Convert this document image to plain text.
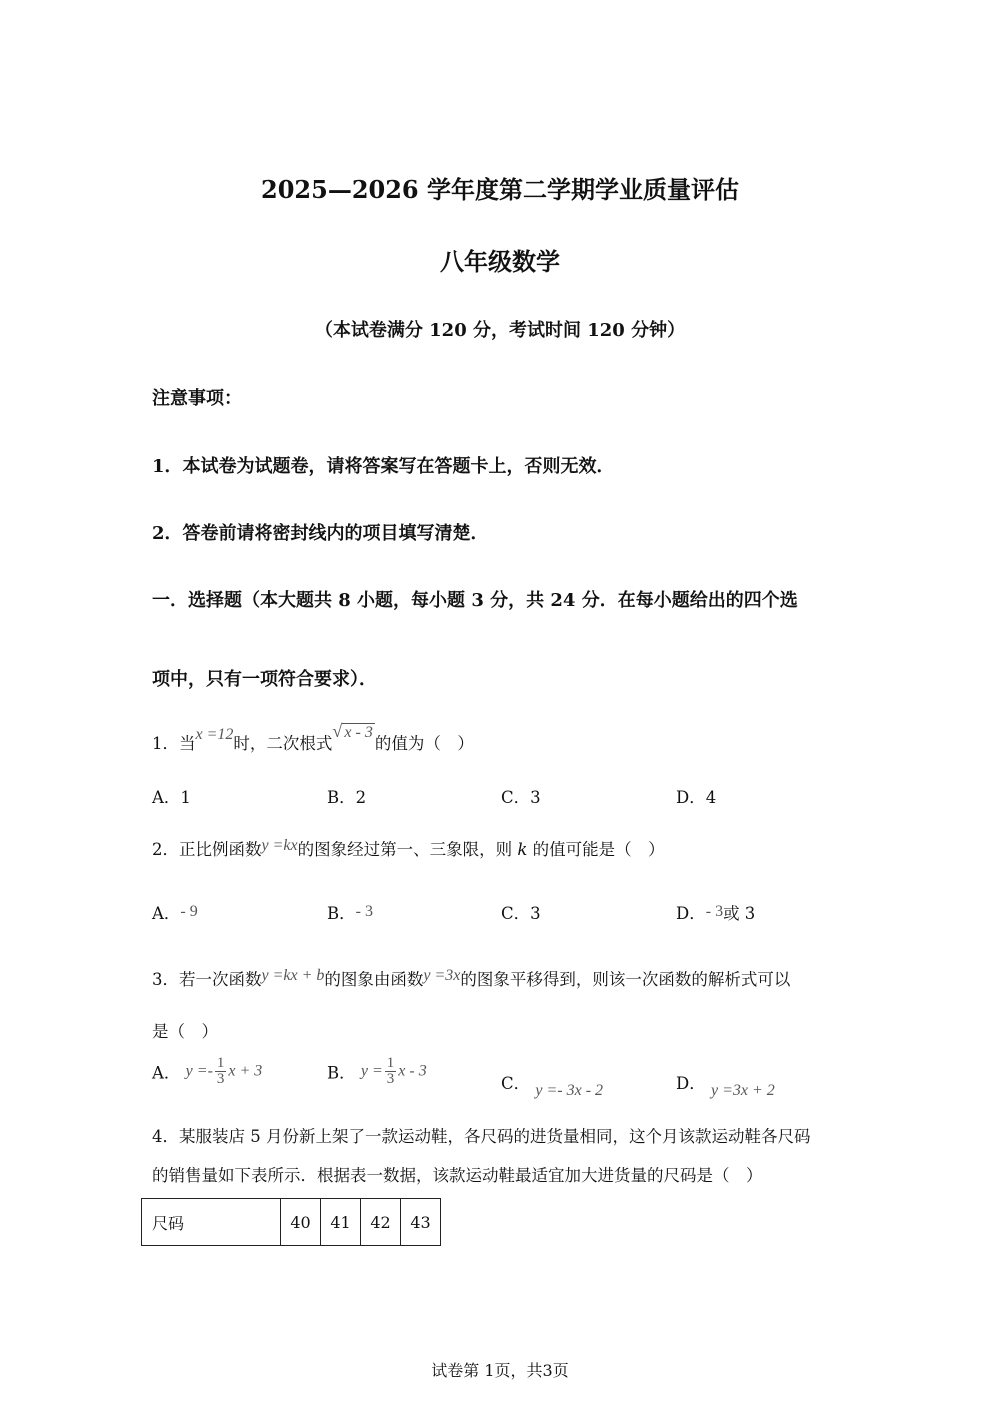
2025—2026 学年度第二学期学业质量评估
八年级数学
（本试卷满分 120 分，考试时间 120 分钟）
注意事项：
1．本试卷为试题卷，请将答案写在答题卡上，否则无效．
2．答卷前请将密封线内的项目填写清楚．
一．选择题（本大题共 8 小题，每小题 3 分，共 24 分．在每小题给出的四个选
项中，只有一项符合要求）．
1．当x =12时，二次根式
√ x - 3的值为（　）
A．1	B．2	C．3	D．4
2．正比例函数y =kx的图象经过第一、三象限，则 k 的值可能是（　）
A．- 9	B．- 3	C．3	D．- 3或 3
3．若一次函数y =kx + b的图象由函数y =3x的图象平移得到，则该一次函数的解析式可以
是（　）
A． $y =- \frac{1}{3}$ x + 3	B． $y = \frac{1}{3}$ x - 3
C． y =- 3x - 2	D． y =3x + 2
4．某服装店 5 月份新上架了一款运动鞋，各尺码的进货量相同，这个月该款运动鞋各尺码
的销售量如下表所示．根据表一数据，该款运动鞋最适宜加大进货量的尺码是（　）
尺码	40	41	42	43
试卷第 1页，共3页
